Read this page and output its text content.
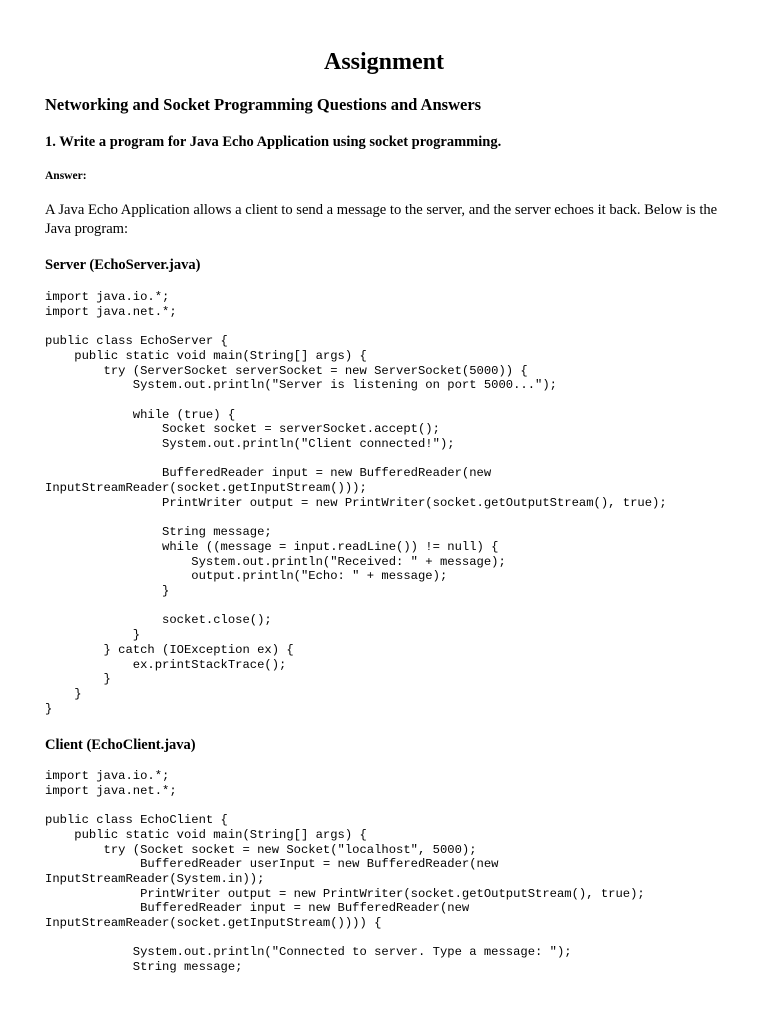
Assignment
Networking and Socket Programming Questions and Answers
1. Write a program for Java Echo Application using socket programming.
Answer:

A Java Echo Application allows a client to send a message to the server, and the server echoes it back. Below is the Java program:

Server (EchoServer.java)
import java.io.*;
import java.net.*;

public class EchoServer {
public static void main(String[] args) {
try (ServerSocket serverSocket = new ServerSocket(5000)) {
System.out.println("Server is listening on port 5000...");

while (true) {
Socket socket = serverSocket.accept();
System.out.println("Client connected!");

BufferedReader input = new BufferedReader(new
InputStreamReader(socket.getInputStream()));
PrintWriter output = new PrintWriter(socket.getOutputStream(), true);

String message;
while ((message = input.readLine()) != null) {
System.out.println("Received: " + message);
output.println("Echo: " + message);
}

socket.close();
}
} catch (IOException ex) {
ex.printStackTrace();
}
}
}
Client (EchoClient.java)
import java.io.*;
import java.net.*;

public class EchoClient {
public static void main(String[] args) {
try (Socket socket = new Socket("localhost", 5000);
BufferedReader userInput = new BufferedReader(new
InputStreamReader(System.in));
PrintWriter output = new PrintWriter(socket.getOutputStream(), true);
BufferedReader input = new BufferedReader(new
InputStreamReader(socket.getInputStream()))) {

System.out.println("Connected to server. Type a message: ");
String message;
